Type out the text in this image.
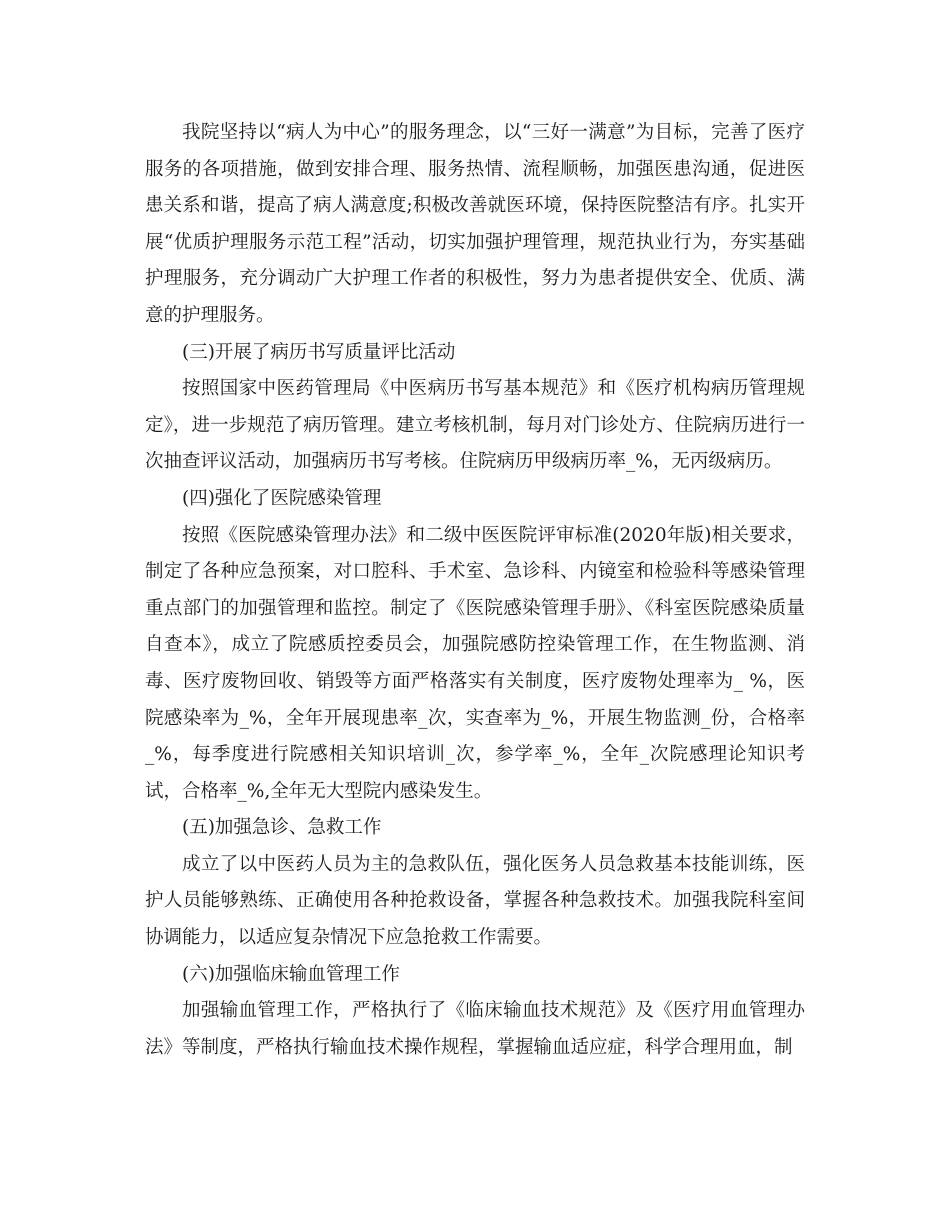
我院坚持以“病人为中心”的服务理念，以“三好一满意”为目标，完善了医疗服务的各项措施，做到安排合理、服务热情、流程顺畅，加强医患沟通，促进医患关系和谐，提高了病人满意度;积极改善就医环境，保持医院整洁有序。扎实开展“优质护理服务示范工程”活动，切实加强护理管理，规范执业行为，夯实基础护理服务，充分调动广大护理工作者的积极性，努力为患者提供安全、优质、满意的护理服务。

(三)开展了病历书写质量评比活动

按照国家中医药管理局《中医病历书写基本规范》和《医疗机构病历管理规定》，进一步规范了病历管理。建立考核机制，每月对门诊处方、住院病历进行一次抽查评议活动，加强病历书写考核。住院病历甲级病历率_%，无丙级病历。

(四)强化了医院感染管理

按照《医院感染管理办法》和二级中医医院评审标准(2020年版)相关要求，制定了各种应急预案，对口腔科、手术室、急诊科、内镜室和检验科等感染管理重点部门的加强管理和监控。制定了《医院感染管理手册》、《科室医院感染质量自查本》，成立了院感质控委员会，加强院感防控染管理工作，在生物监测、消毒、医疗废物回收、销毁等方面严格落实有关制度，医疗废物处理率为_ %，医院感染率为_%，全年开展现患率_次，实查率为_%，开展生物监测_份，合格率_%，每季度进行院感相关知识培训_次，参学率_%，全年_次院感理论知识考试，合格率_%,全年无大型院内感染发生。

(五)加强急诊、急救工作

成立了以中医药人员为主的急救队伍，强化医务人员急救基本技能训练，医护人员能够熟练、正确使用各种抢救设备，掌握各种急救技术。加强我院科室间协调能力，以适应复杂情况下应急抢救工作需要。

(六)加强临床输血管理工作

加强输血管理工作，严格执行了《临床输血技术规范》及《医疗用血管理办法》等制度，严格执行输血技术操作规程，掌握输血适应症，科学合理用血，制
